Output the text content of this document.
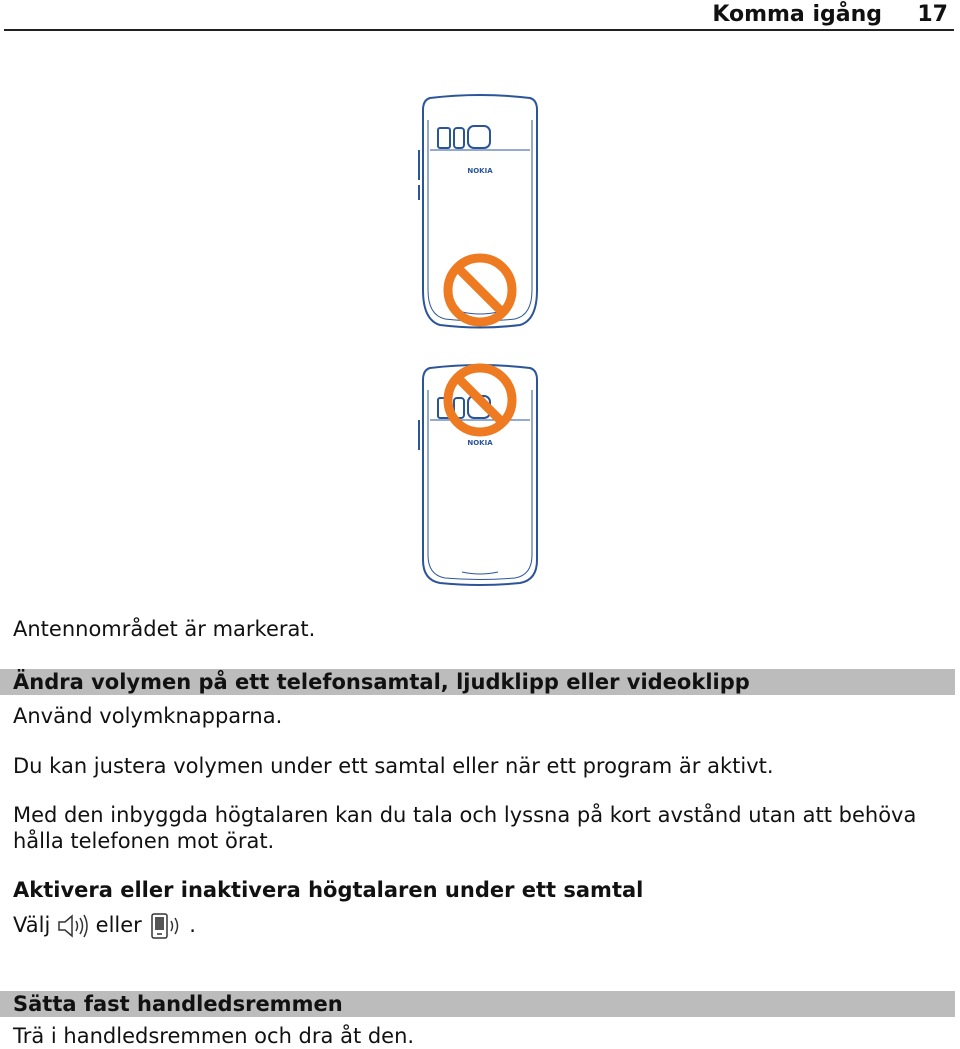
Komma igång 17
NOKIA
NOKIA
Antennområdet är markerat.
Ändra volymen på ett telefonsamtal, ljudklipp eller videoklipp
Använd volymknapparna.
Du kan justera volymen under ett samtal eller när ett program är aktivt.
Med den inbyggda högtalaren kan du tala och lyssna på kort avstånd utan att behöva
hålla telefonen mot örat.
Aktivera eller inaktivera högtalaren under ett samtal
Välj eller .
Sätta fast handledsremmen
Trä i handledsremmen och dra åt den.
